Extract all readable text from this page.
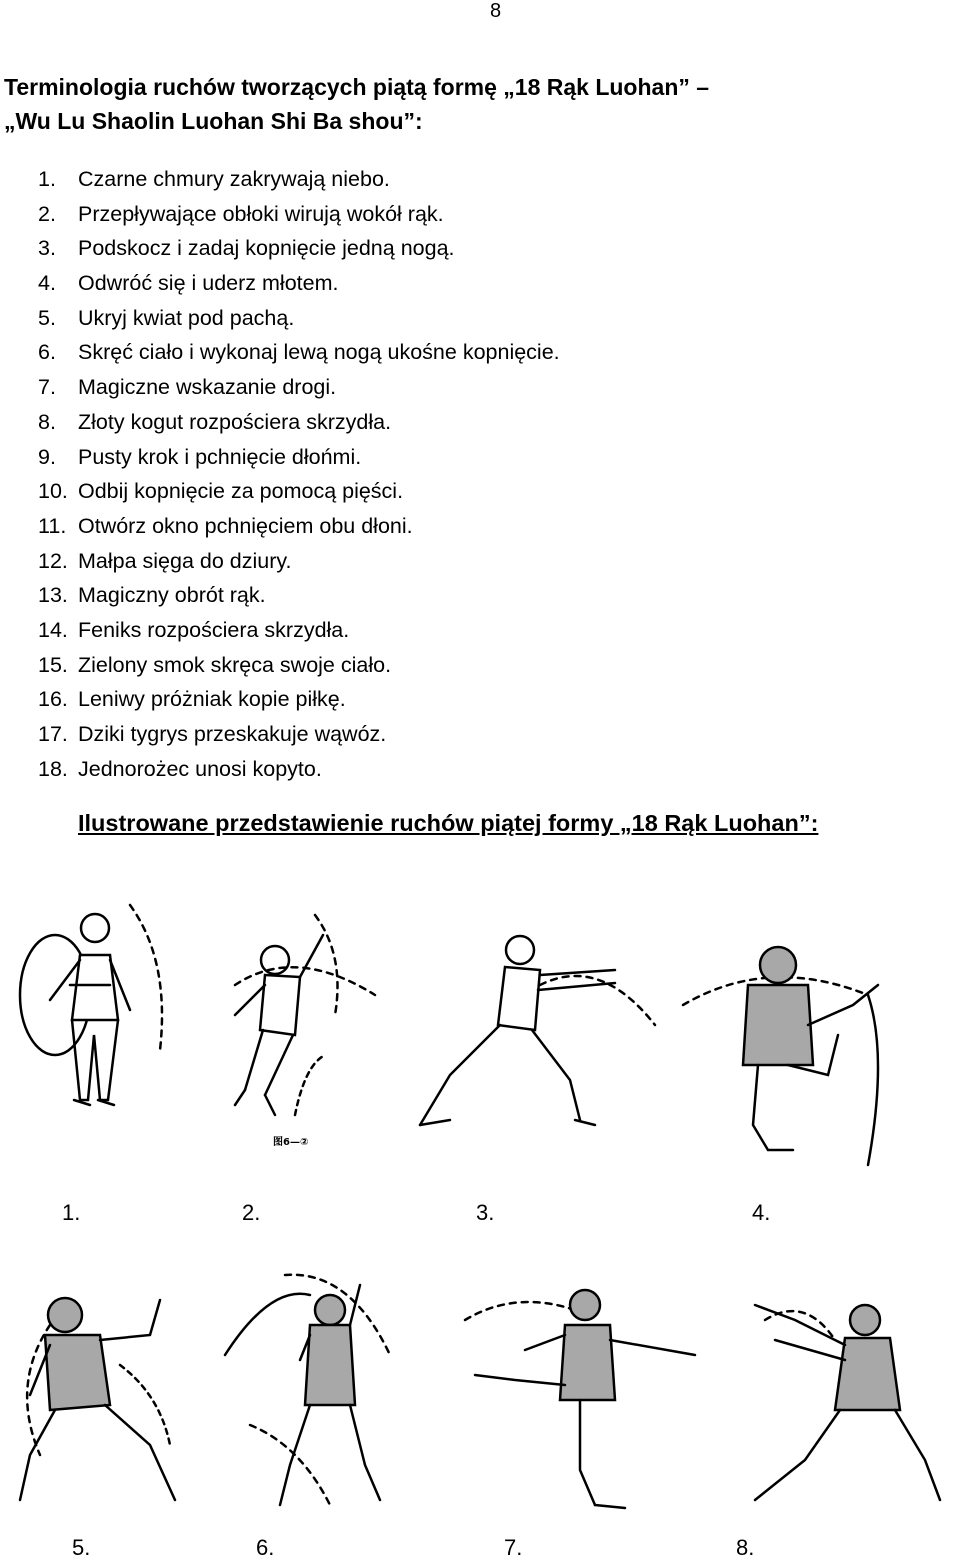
8
Terminologia ruchów tworzących piątą formę „18 Rąk Luohan” –
„Wu Lu Shaolin Luohan Shi Ba shou”:
1.	Czarne chmury zakrywają niebo.
2.	Przepływające obłoki wirują wokół rąk.
3.	Podskocz i zadaj kopnięcie jedną nogą.
4.	Odwróć się i uderz młotem.
5.	Ukryj kwiat pod pachą.
6.	Skręć ciało i wykonaj lewą nogą ukośne kopnięcie.
7.	Magiczne wskazanie drogi.
8.	Złoty kogut rozpościera skrzydła.
9.	Pusty krok i pchnięcie dłońmi.
10. Odbij kopnięcie za pomocą pięści.
11. Otwórz okno pchnięciem obu dłoni.
12. Małpa sięga do dziury.
13. Magiczny obrót rąk.
14. Feniks rozpościera skrzydła.
15. Zielony smok skręca swoje ciało.
16. Leniwy próżniak kopie piłkę.
17. Dziki tygrys przeskakuje wąwóz.
18. Jednorożec unosi kopyto.
Ilustrowane przedstawienie ruchów piątej formy „18 Rąk Luohan”:
图6—②
1.	2.	3.	4.
5.	6.	7.	8.
